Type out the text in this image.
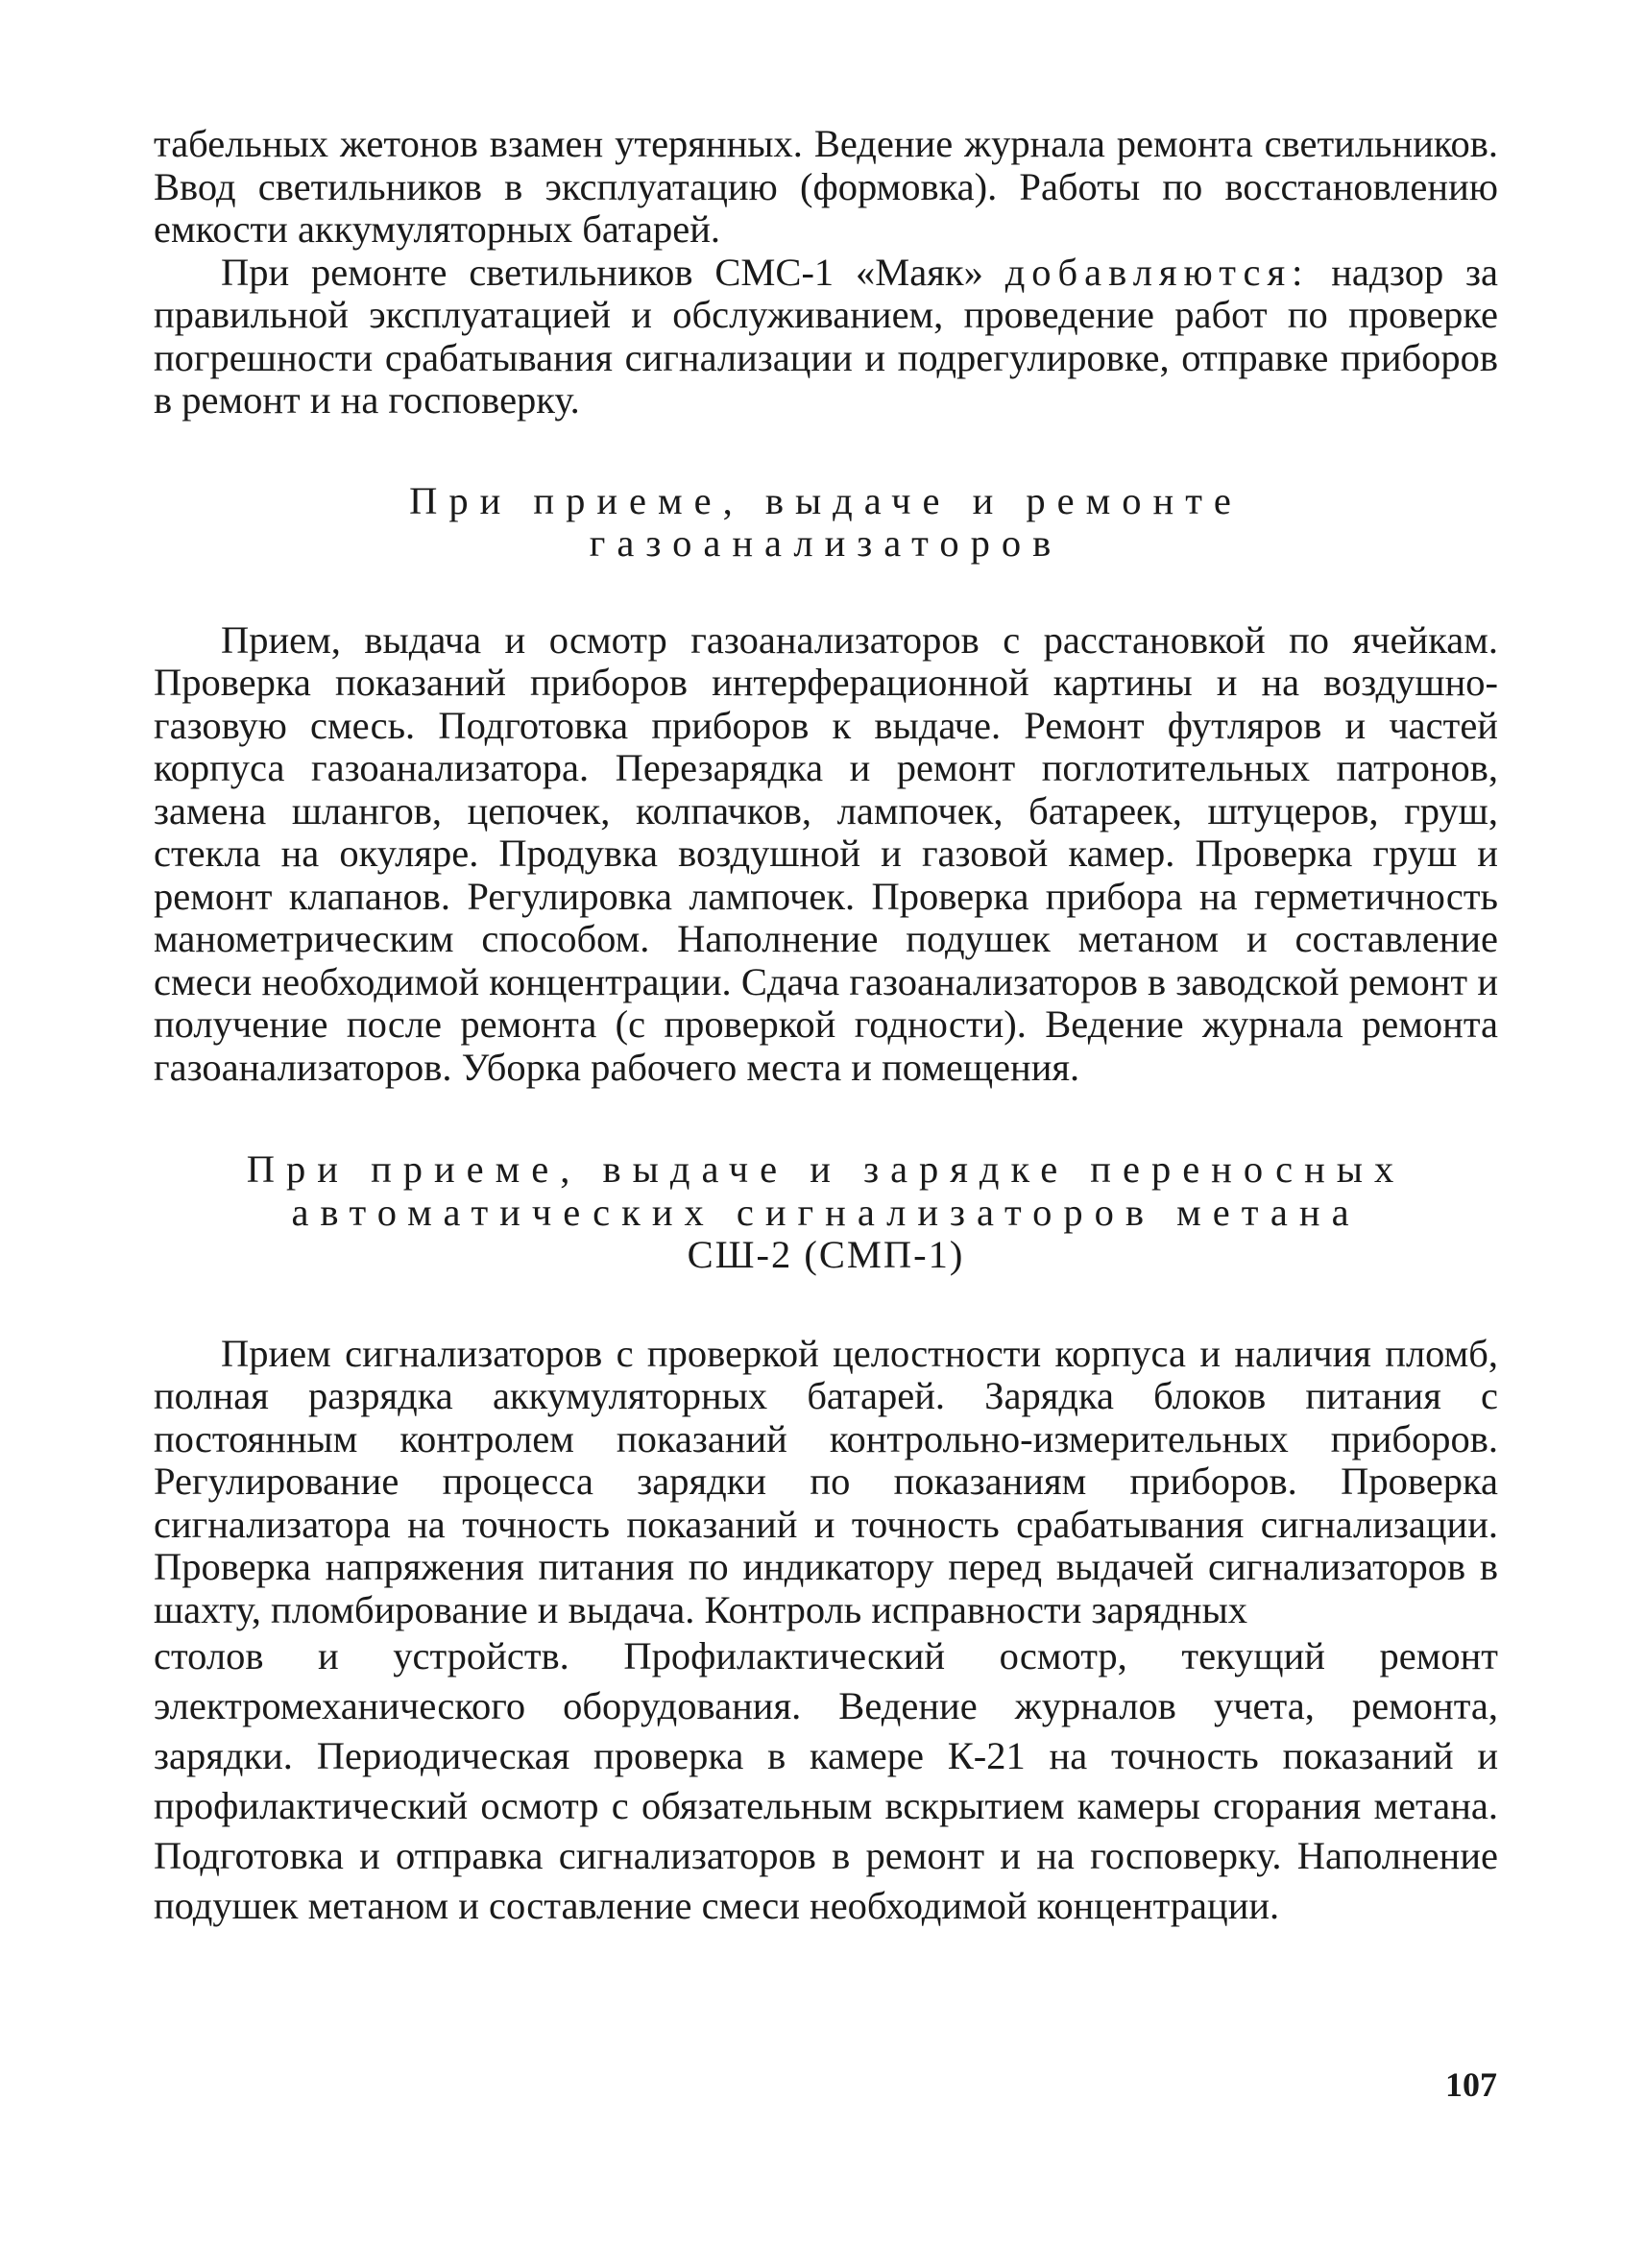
табельных жетонов взамен утерянных. Ведение журнала ремонта светильников. Ввод светильников в эксплуатацию (формовка). Работы по восстановлению емкости аккумуляторных батарей.

При ремонте светильников СМС-1 «Маяк» добавляются: надзор за правильной эксплуатацией и обслуживанием, проведение работ по проверке погрешности срабатывания сигнализации и подрегулировке, отправке приборов в ремонт и на госповерку.

При приеме, выдаче и ремонте
газоанализаторов

Прием, выдача и осмотр газоанализаторов с расстановкой по ячейкам. Проверка показаний приборов интерферационной картины и на воздушно-газовую смесь. Подготовка приборов к выдаче. Ремонт футляров и частей корпуса газоанализатора. Перезарядка и ремонт поглотительных патронов, замена шлангов, цепочек, колпачков, лампочек, батареек, штуцеров, груш, стекла на окуляре. Продувка воздушной и газовой камер. Проверка груш и ремонт клапанов. Регулировка лампочек. Проверка прибора на герметичность манометрическим способом. Наполнение подушек метаном и составление смеси необходимой концентрации. Сдача газоанализаторов в заводской ремонт и получение после ремонта (с проверкой годности). Ведение журнала ремонта газоанализаторов. Уборка рабочего места и помещения.

При приеме, выдаче и зарядке переносных
автоматических сигнализаторов метана
СШ-2 (СМП-1)

Прием сигнализаторов с проверкой целостности корпуса и наличия пломб, полная разрядка аккумуляторных батарей. Зарядка блоков питания с постоянным контролем показаний контрольно-измерительных приборов. Регулирование процесса зарядки по показаниям приборов. Проверка сигнализатора на точность показаний и точность срабатывания сигнализации. Проверка напряжения питания по индикатору перед выдачей сигнализаторов в шахту, пломбирование и выдача. Контроль исправности зарядных

столов и устройств. Профилактический осмотр, текущий ремонт электромеханического оборудования. Ведение журналов учета, ремонта, зарядки. Периодическая проверка в камере К-21 на точность показаний и профилактический осмотр с обязательным вскрытием камеры сгорания метана. Подготовка и отправка сигнализаторов в ремонт и на госповерку. Наполнение подушек метаном и составление смеси необходимой концентрации.

107
